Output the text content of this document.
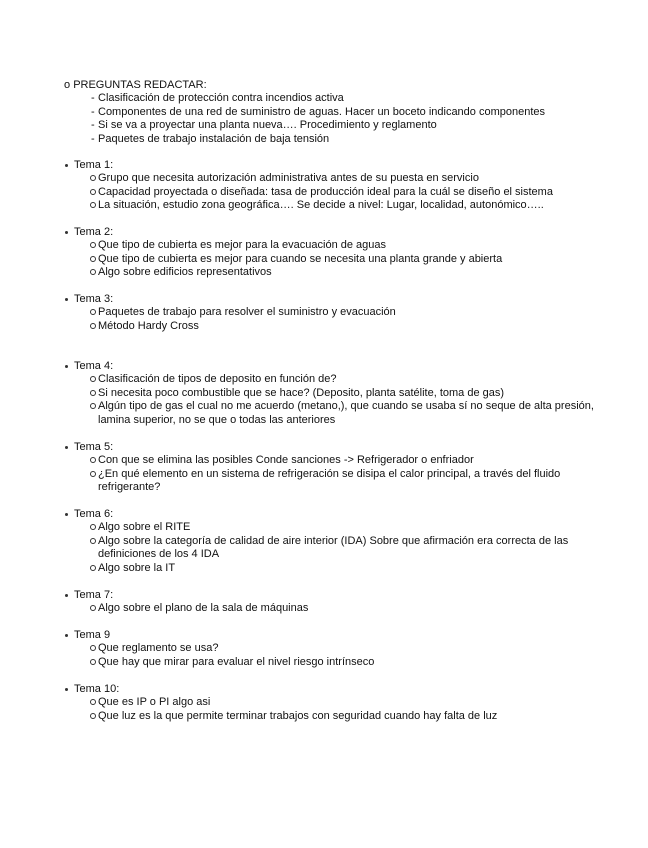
o PREGUNTAS REDACTAR:
- Clasificación de protección contra incendios activa
- Componentes de una red de suministro de aguas. Hacer un boceto indicando componentes
- Si se va a proyectar una planta nueva…. Procedimiento y reglamento
- Paquetes de trabajo instalación de baja tensión
Tema 1:
Grupo que necesita autorización administrativa antes de su puesta en servicio
Capacidad proyectada o diseñada: tasa de producción ideal para la cuál se diseño el sistema
La situación, estudio zona geográfica…. Se decide a nivel: Lugar, localidad, autonómico…..
Tema 2:
Que tipo de cubierta es mejor para la evacuación de aguas
Que tipo de cubierta es mejor para cuando se necesita una planta grande y abierta
Algo sobre edificios representativos
Tema 3:
Paquetes de trabajo para resolver el suministro y evacuación
Método Hardy Cross
Tema 4:
Clasificación de tipos de deposito en función de?
Si necesita poco combustible que se hace? (Deposito, planta satélite, toma de gas)
Algún tipo de gas el cual no me acuerdo (metano,), que cuando se usaba sí no seque de alta presión, lamina superior, no se que o todas las anteriores
Tema 5:
Con que se elimina las posibles Conde sanciones -> Refrigerador o enfriador
¿En qué elemento en un sistema de refrigeración se disipa el calor principal, a través del fluido refrigerante?
Tema 6:
Algo sobre el RITE
Algo sobre la categoría de calidad de aire interior (IDA) Sobre que afirmación era correcta de las definiciones de los 4 IDA
Algo sobre la IT
Tema 7:
Algo sobre el plano de la sala de máquinas
Tema 9
Que reglamento se usa?
Que hay que mirar para evaluar el nivel riesgo intrínseco
Tema 10:
Que es IP o PI algo asi
Que luz es la que permite terminar trabajos con seguridad cuando hay falta de luz
